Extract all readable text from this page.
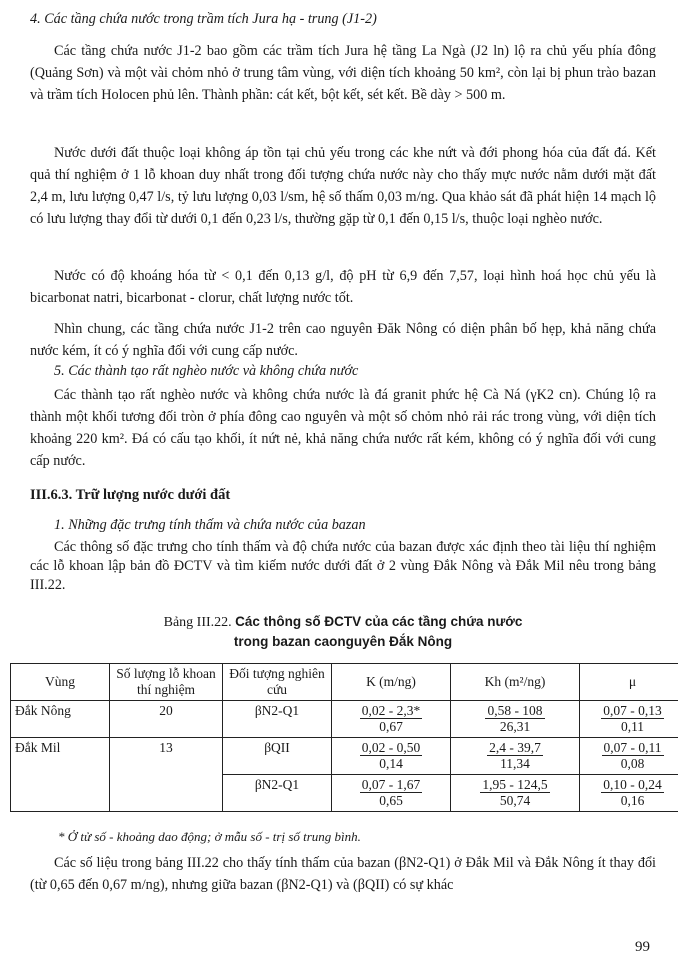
4. Các tầng chứa nước trong trầm tích Jura hạ - trung (J1-2)

Các tầng chứa nước J1-2 bao gồm các trầm tích Jura hệ tầng La Ngà (J2 ln) lộ ra chủ yếu phía đông (Quảng Sơn) và một vài chỏm nhỏ ở trung tâm vùng, với diện tích khoảng 50 km², còn lại bị phun trào bazan và trầm tích Holocen phủ lên. Thành phần: cát kết, bột kết, sét kết. Bề dày > 500 m.

Nước dưới đất thuộc loại không áp tồn tại chủ yếu trong các khe nứt và đới phong hóa của đất đá. Kết quả thí nghiệm ở 1 lỗ khoan duy nhất trong đối tượng chứa nước này cho thấy mực nước nằm dưới mặt đất 2,4 m, lưu lượng 0,47 l/s, tỷ lưu lượng 0,03 l/sm, hệ số thấm 0,03 m/ng. Qua khảo sát đã phát hiện 14 mạch lộ có lưu lượng thay đổi từ dưới 0,1 đến 0,23 l/s, thường gặp từ 0,1 đến 0,15 l/s, thuộc loại nghèo nước.

Nước có độ khoáng hóa từ < 0,1 đến 0,13 g/l, độ pH từ 6,9 đến 7,57, loại hình hoá học chủ yếu là bicarbonat natri, bicarbonat - clorur, chất lượng nước tốt.

Nhìn chung, các tầng chứa nước J1-2 trên cao nguyên Đăk Nông có diện phân bố hẹp, khả năng chứa nước kém, ít có ý nghĩa đối với cung cấp nước.

5. Các thành tạo rất nghèo nước và không chứa nước

Các thành tạo rất nghèo nước và không chứa nước là đá granit phức hệ Cà Ná (γK2 cn). Chúng lộ ra thành một khối tương đối tròn ở phía đông cao nguyên và một số chỏm nhỏ rải rác trong vùng, với diện tích khoảng 220 km². Đá có cấu tạo khối, ít nứt nẻ, khả năng chứa nước rất kém, không có ý nghĩa đối với cung cấp nước.

III.6.3. Trữ lượng nước dưới đất

1. Những đặc trưng tính thấm và chứa nước của bazan

Các thông số đặc trưng cho tính thấm và độ chứa nước của bazan được xác định theo tài liệu thí nghiệm các lỗ khoan lập bản đồ ĐCTV và tìm kiếm nước dưới đất ở 2 vùng Đắk Nông và Đắk Mil nêu trong bảng III.22.

Bảng III.22. Các thông số ĐCTV của các tầng chứa nước
trong bazan caonguyên Đắk Nông
Vùng	Số lượng lỗ khoan thí nghiệm	Đối tượng nghiên cứu	K (m/ng)	Kh (m²/ng)	μ
Đắk Nông	20	βN2-Q1	$\frac{0,02 - 2,3*}{0,67}$	$\frac{0,58 - 108}{26,31}$	$\frac{0,07 - 0,13}{0,11}$

Đắk Mil	13	βQII	$\frac{0,02 - 0,50}{0,14}$	$\frac{2,4 - 39,7}{11,34}$	$\frac{0,07 - 0,11}{0,08}$

		βN2-Q1	$\frac{0,07 - 1,67}{0,65}$	$\frac{1,95 - 124,5}{50,74}$	$\frac{0,10 - 0,24}{0,16}$
* Ở tử số - khoảng dao động; ở mẫu số - trị số trung bình.

Các số liệu trong bảng III.22 cho thấy tính thấm của bazan (βN2-Q1) ở Đắk Mil và Đắk Nông ít thay đổi (từ 0,65 đến 0,67 m/ng), nhưng giữa bazan (βN2-Q1) và (βQII) có sự khác

99
